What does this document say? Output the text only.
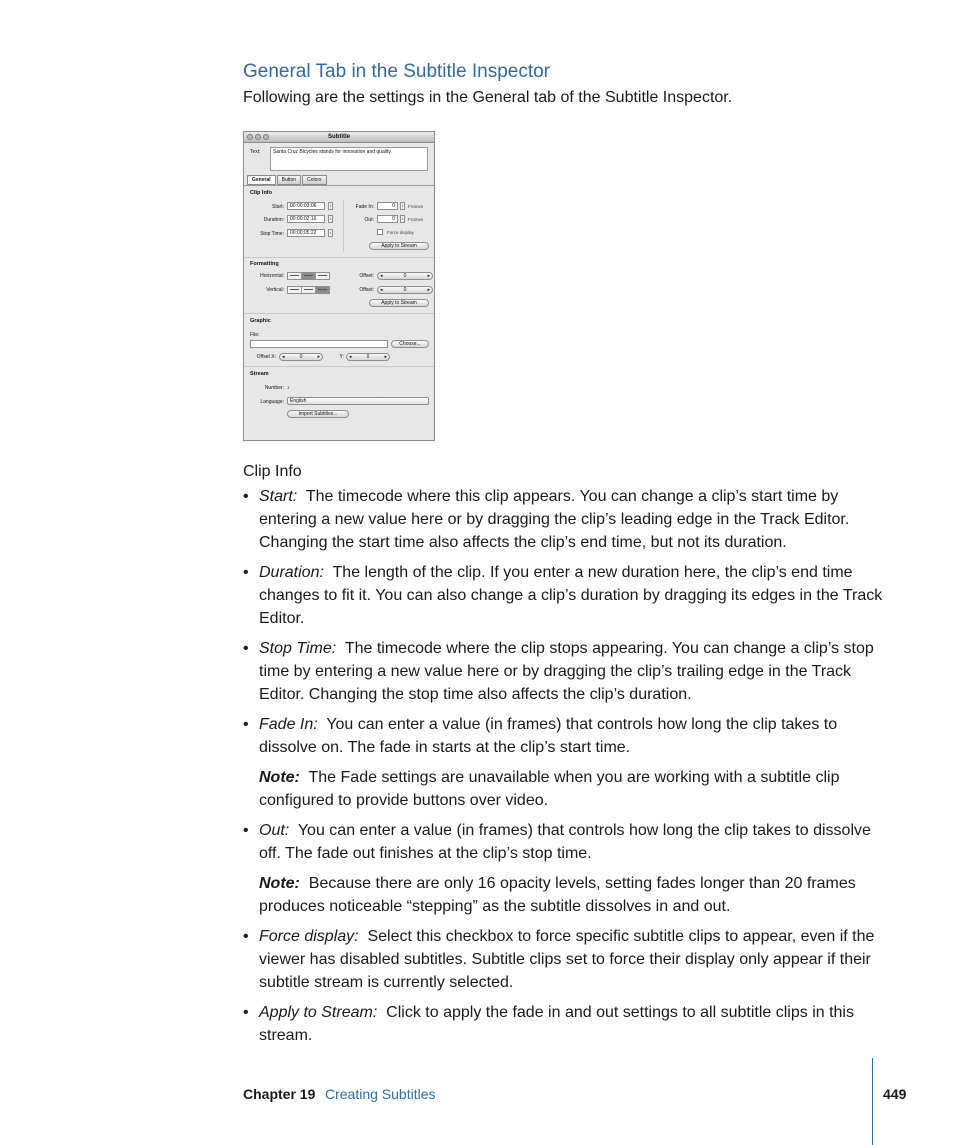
General Tab in the Subtitle Inspector
Following are the settings in the General tab of the Subtitle Inspector.
Subtitle
Text:	Santa Cruz Bicycles stands for innovation and quality.
General	Button	Colors
Clip Info
Start:	00:00:03:06	↕
Duration:	00:00:02:16	↕
Stop Time:	00:00:05:22	↕
Fade In:	0	↕	Frames
Out:	0	↕	Frames
Force display
Apply to Stream
Formatting
Horizontal:
Vertical:
Offset:	◂	0	▸
Offset:	◂	0	▸
Apply to Stream
Graphic
File:
Choose...
Offset X:	◂	0	▸	Y:	◂	0	▸
Stream
Number: 1
Language:	English
Import Subtitles...
Clip Info
• Start: The timecode where this clip appears. You can change a clip’s start time by entering a new value here or by dragging the clip’s leading edge in the Track Editor. Changing the start time also affects the clip’s end time, but not its duration.
• Duration: The length of the clip. If you enter a new duration here, the clip’s end time changes to fit it. You can also change a clip’s duration by dragging its edges in the Track Editor.
• Stop Time: The timecode where the clip stops appearing. You can change a clip’s stop time by entering a new value here or by dragging the clip’s trailing edge in the Track Editor. Changing the stop time also affects the clip’s duration.
• Fade In: You can enter a value (in frames) that controls how long the clip takes to dissolve on. The fade in starts at the clip’s start time.
Note: The Fade settings are unavailable when you are working with a subtitle clip configured to provide buttons over video.
• Out: You can enter a value (in frames) that controls how long the clip takes to dissolve off. The fade out finishes at the clip’s stop time.
Note: Because there are only 16 opacity levels, setting fades longer than 20 frames produces noticeable “stepping” as the subtitle dissolves in and out.
• Force display: Select this checkbox to force specific subtitle clips to appear, even if the viewer has disabled subtitles. Subtitle clips set to force their display only appear if their subtitle stream is currently selected.
• Apply to Stream: Click to apply the fade in and out settings to all subtitle clips in this stream.
Chapter 19 Creating Subtitles	449
